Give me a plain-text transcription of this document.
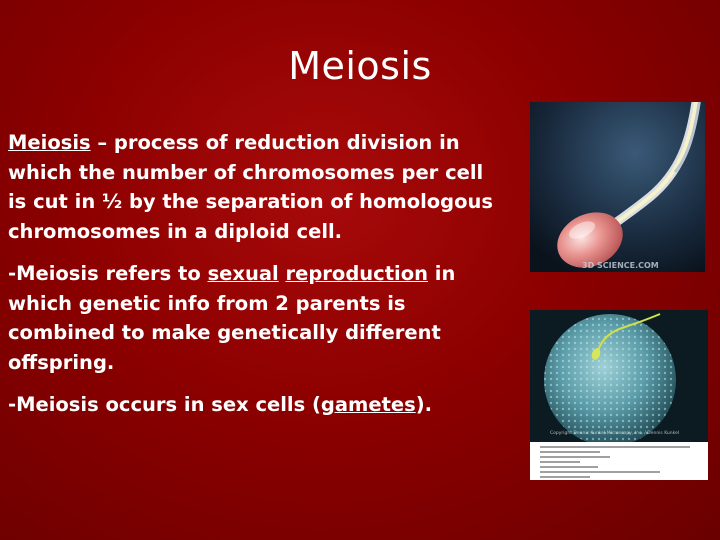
Meiosis

Meiosis – process of reduction division in which the number of chromosomes per cell is cut in ½ by the separation of homologous chromosomes in a diploid cell.

-Meiosis refers to sexual reproduction in which genetic info from 2 parents is combined to make genetically different offspring.

-Meiosis occurs in sex cells (gametes).

3D SCIENCE.COM
Copyright Dennis Kunkel Microscopy, Inc. / Dennis Kunkel
